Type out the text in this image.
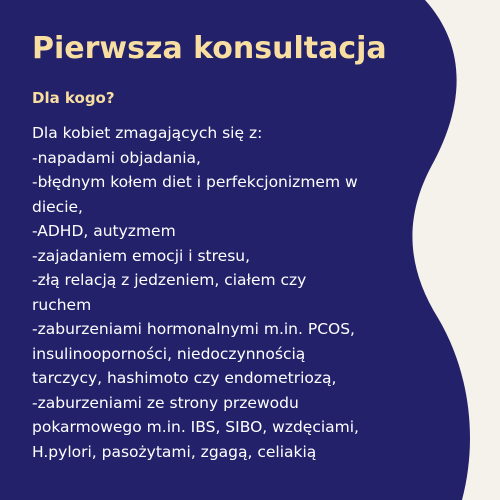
Pierwsza konsultacja
Dla kogo?
Dla kobiet zmagających się z:
-napadami objadania,
-błędnym kołem diet i perfekcjonizmem w
diecie,
-ADHD, autyzmem
-zajadaniem emocji i stresu,
-złą relacją z jedzeniem, ciałem czy
ruchem
-zaburzeniami hormonalnymi m.in. PCOS,
insulinooporności, niedoczynnością
tarczycy, hashimoto czy endometriozą,
-zaburzeniami ze strony przewodu
pokarmowego m.in. IBS, SIBO, wzdęciami,
H.pylori, pasożytami, zgagą, celiakią
